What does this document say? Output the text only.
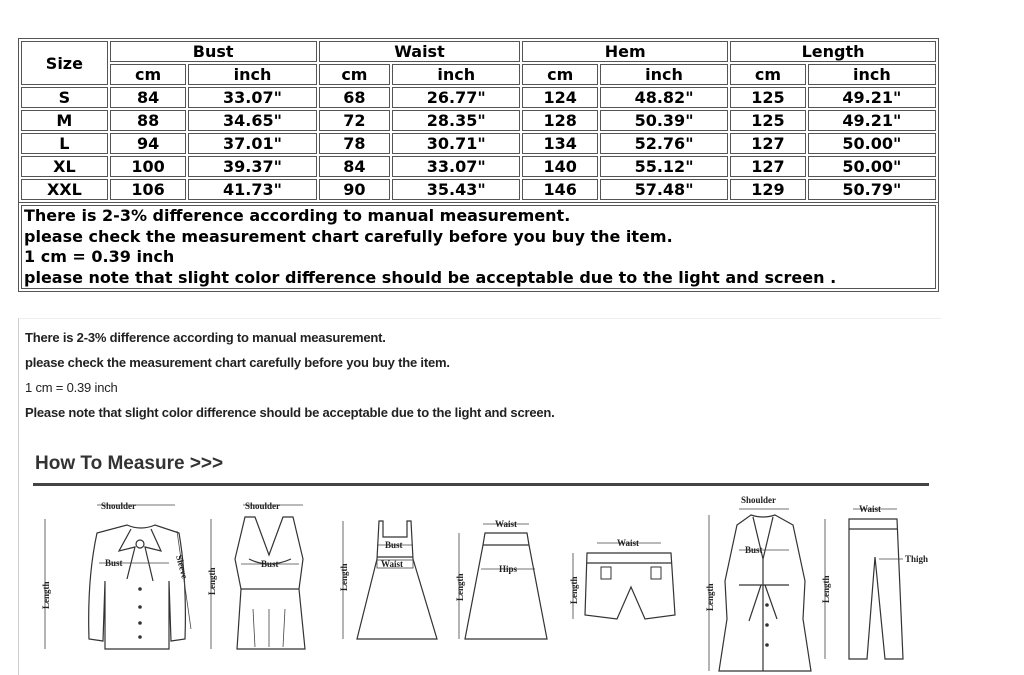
Size	Bust		Waist		Hem		Length	
	cm	inch	cm	inch	cm	inch	cm	inch
S	84	33.07"	68	26.77"	124	48.82"	125	49.21"
M	88	34.65"	72	28.35"	128	50.39"	125	49.21"
L	94	37.01"	78	30.71"	134	52.76"	127	50.00"
XL	100	39.37"	84	33.07"	140	55.12"	127	50.00"
XXL	106	41.73"	90	35.43"	146	57.48"	129	50.79"
There is 2-3% difference according to manual measurement.
please check the measurement chart carefully before you buy the item.
1 cm = 0.39 inch
please note that slight color difference should be acceptable due to the light and screen .
There is 2-3% difference according to manual measurement.
please check the measurement chart carefully before you buy the item.
1 cm = 0.39 inch
Please note that slight color difference should be acceptable due to the light and screen.
How To Measure >>>
Shoulder
Bust
Length
Sleeve
Shoulder
Bust
Length
Bust
Waist
Length
Waist
Hips
Length
Waist
Length
Shoulder
Bust
Length
Waist
Thigh
Length
